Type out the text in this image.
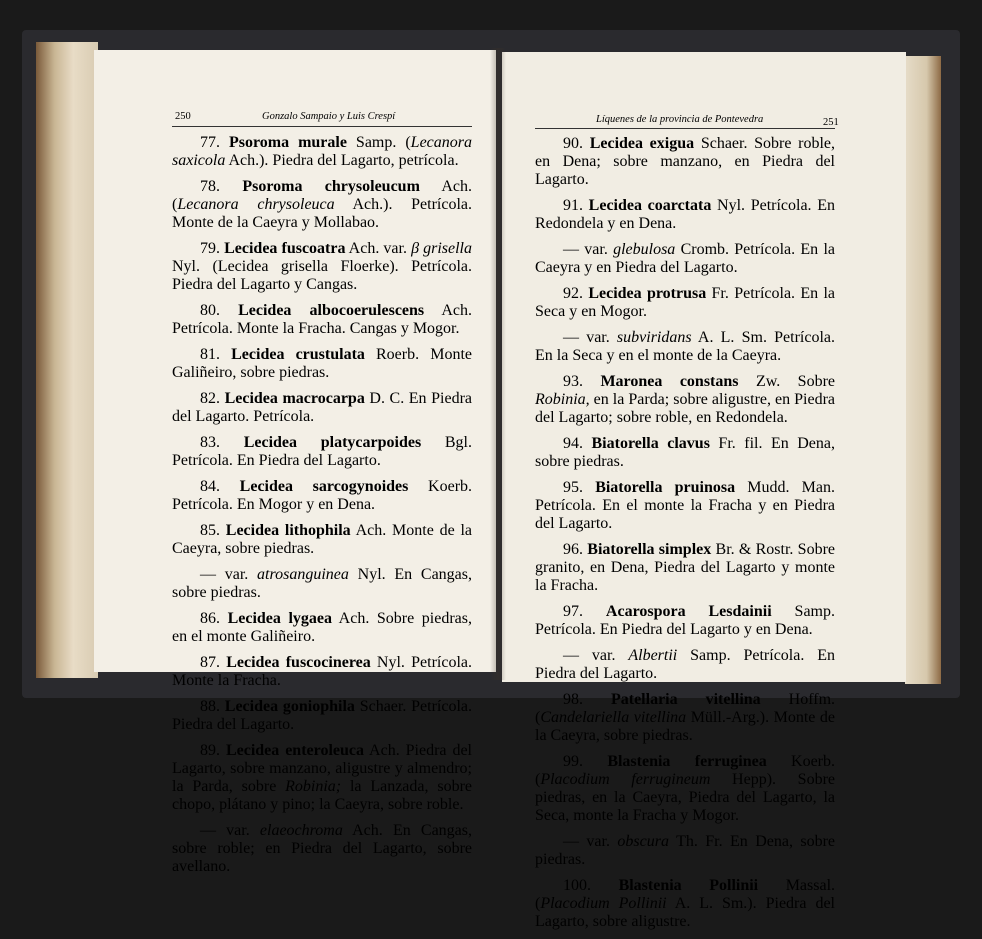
250	Gonzalo Sampaio y Luis Crespí	Líquenes de la provincia de Pontevedra	251

77. Psoroma murale Samp. (Lecanora saxicola Ach.). Piedra del Lagarto, petrícola.

78. Psoroma chrysoleucum Ach. (Lecanora chrysoleuca Ach.). Petrícola. Monte de la Caeyra y Mollabao.

79. Lecidea fuscoatra Ach. var. β grisella Nyl. (Lecidea grisella Floerke). Petrícola. Piedra del Lagarto y Cangas.

80. Lecidea albocoerulescens Ach. Petrícola. Monte la Fracha. Cangas y Mogor.

81. Lecidea crustulata Roerb. Monte Galiñeiro, sobre piedras.

82. Lecidea macrocarpa D. C. En Piedra del Lagarto. Petrícola.

83. Lecidea platycarpoides Bgl. Petrícola. En Piedra del Lagarto.

84. Lecidea sarcogynoides Koerb. Petrícola. En Mogor y en Dena.

85. Lecidea lithophila Ach. Monte de la Caeyra, sobre piedras.

— var. atrosanguinea Nyl. En Cangas, sobre piedras.

86. Lecidea lygaea Ach. Sobre piedras, en el monte Galiñeiro.

87. Lecidea fuscocinerea Nyl. Petrícola. Monte la Fracha.

88. Lecidea goniophila Schaer. Petrícola. Piedra del Lagarto.

89. Lecidea enteroleuca Ach. Piedra del Lagarto, sobre manzano, aligustre y almendro; la Parda, sobre Robinia; la Lanzada, sobre chopo, plátano y pino; la Caeyra, sobre roble.

— var. elaeochroma Ach. En Cangas, sobre roble; en Piedra del Lagarto, sobre avellano.

90. Lecidea exigua Schaer. Sobre roble, en Dena; sobre manzano, en Piedra del Lagarto.

91. Lecidea coarctata Nyl. Petrícola. En Redondela y en Dena.

— var. glebulosa Cromb. Petrícola. En la Caeyra y en Piedra del Lagarto.

92. Lecidea protrusa Fr. Petrícola. En la Seca y en Mogor.

— var. subviridans A. L. Sm. Petrícola. En la Seca y en el monte de la Caeyra.

93. Maronea constans Zw. Sobre Robinia, en la Parda; sobre aligustre, en Piedra del Lagarto; sobre roble, en Redondela.

94. Biatorella clavus Fr. fil. En Dena, sobre piedras.

95. Biatorella pruinosa Mudd. Man. Petrícola. En el monte la Fracha y en Piedra del Lagarto.

96. Biatorella simplex Br. & Rostr. Sobre granito, en Dena, Piedra del Lagarto y monte la Fracha.

97. Acarospora Lesdainii Samp. Petrícola. En Piedra del Lagarto y en Dena.

— var. Albertii Samp. Petrícola. En Piedra del Lagarto.

98. Patellaria vitellina Hoffm. (Candelariella vitellina Müll.-Arg.). Monte de la Caeyra, sobre piedras.

99. Blastenia ferruginea Koerb. (Placodium ferrugineum Hepp). Sobre piedras, en la Caeyra, Piedra del Lagarto, la Seca, monte la Fracha y Mogor.

— var. obscura Th. Fr. En Dena, sobre piedras.

100. Blastenia Pollinii Massal. (Placodium Pollinii A. L. Sm.). Piedra del Lagarto, sobre aligustre.
